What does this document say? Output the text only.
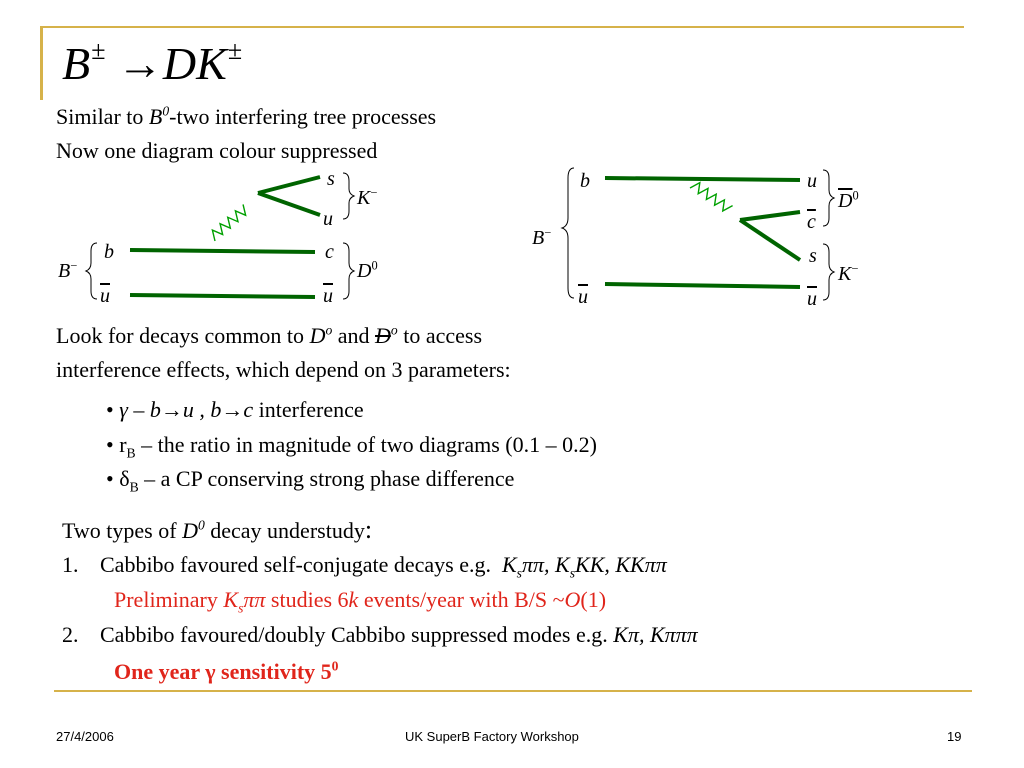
B± →DK±
Similar to $B^0$-two interfering tree processes
Now one diagram colour suppressed
B−
b
$\overline{u}$
c
$\overline{u}$
s
u
K−
$D^0$
B−
b
$\overline{u}$
u
$\overline{c}$
s
$\overline{u}$
$\overline{D}^0$
K−
Look for decays common to $D^o$ and $D^o$ to access
interference effects, which depend on 3 parameters:
• γ – b→u , b→c interference
• $r_B$ – the ratio in magnitude of two diagrams (0.1 – 0.2)
• $\delta_B$ – a CP conserving strong phase difference
Two types of $D^0$ decay understudy:
1. Cabbibo favoured self-conjugate decays e.g. $K_s\pi\pi$, $K_sKK$, KKππ
Preliminary $K_s\pi\pi$ studies 6k events/year with B/S ~O(1)
2. Cabbibo favoured/doubly Cabbibo suppressed modes e.g. Kπ, Kπππ
One year γ sensitivity $5^0$
27/4/2006	UK SuperB Factory Workshop	19
